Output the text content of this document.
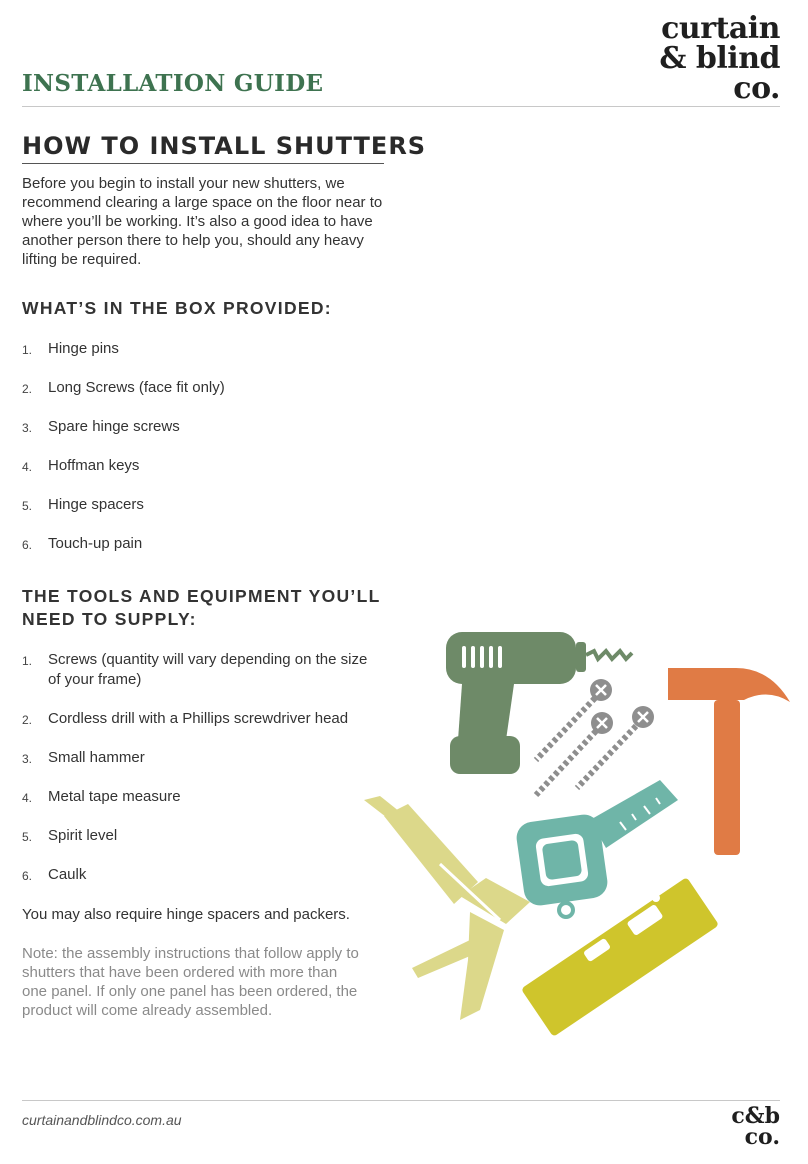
INSTALLATION GUIDE
curtain
& blind
co.
HOW TO INSTALL SHUTTERS

Before you begin to install your new shutters, we recommend clearing a large space on the floor near to where you’ll be working. It’s also a good idea to have another person there to help you, should any heavy lifting be required.

WHAT’S IN THE BOX PROVIDED:
1. Hinge pins
2. Long Screws (face fit only)
3. Spare hinge screws
4. Hoffman keys
5. Hinge spacers
6. Touch-up pain
THE TOOLS AND EQUIPMENT YOU’LL
NEED TO SUPPLY:
1. Screws (quantity will vary depending on the size of your frame)
2. Cordless drill with a Phillips screwdriver head
3. Small hammer
4. Metal tape measure
5. Spirit level
6. Caulk

You may also require hinge spacers and packers.

Note: the assembly instructions that follow apply to shutters that have been ordered with more than one panel. If only one panel has been ordered, the product will come already assembled.

curtainandblindco.com.au	c&b
co.
